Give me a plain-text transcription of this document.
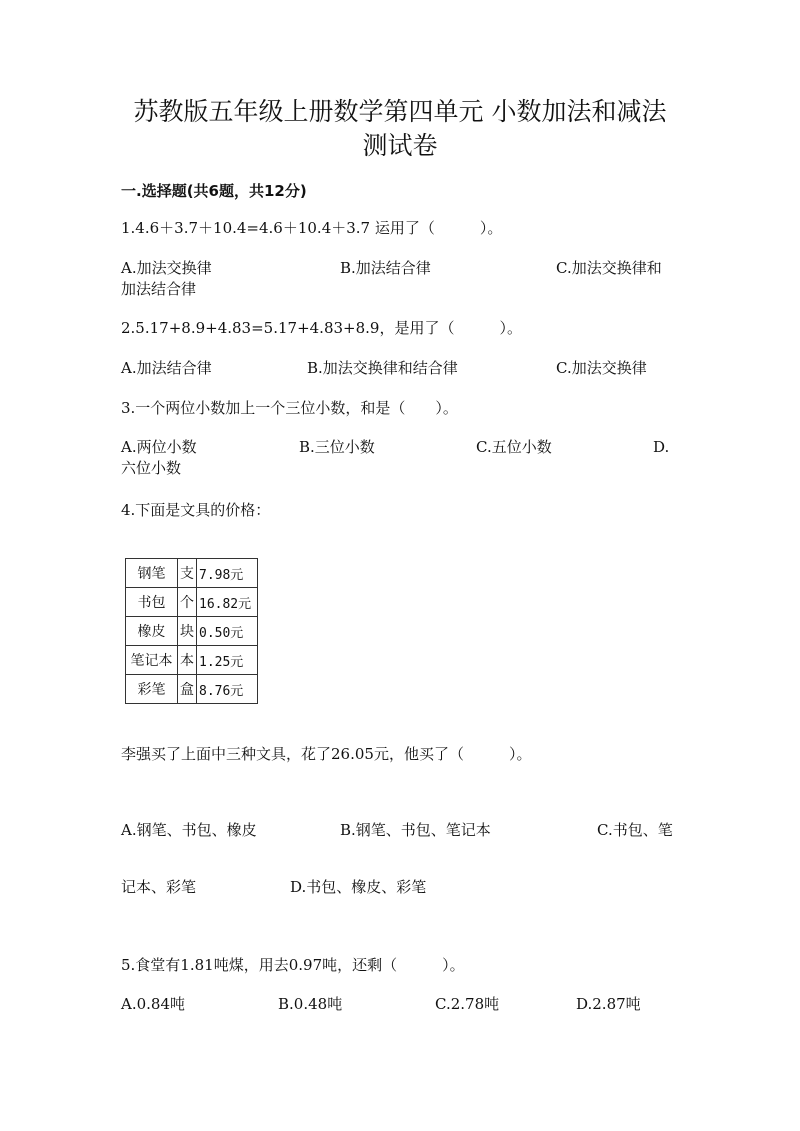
苏教版五年级上册数学第四单元 小数加法和减法
测试卷
一.选择题(共6题，共12分)
1.4.6＋3.7＋10.4=4.6＋10.4＋3.7 运用了（　　　）。
A.加法交换律	B.加法结合律	C.加法交换律和
加法结合律
2.5.17+8.9+4.83=5.17+4.83+8.9，是用了（　　　）。
A.加法结合律	B.加法交换律和结合律	C.加法交换律
3.一个两位小数加上一个三位小数，和是（　　）。
A.两位小数	B.三位小数	C.五位小数	D.
六位小数
4.下面是文具的价格：
钢笔	支	7.98元
书包	个	16.82元
橡皮	块	0.50元
笔记本	本	1.25元
彩笔	盒	8.76元
李强买了上面中三种文具，花了26.05元，他买了（　　　）。
A.钢笔、书包、橡皮	B.钢笔、书包、笔记本	C.书包、笔
记本、彩笔	D.书包、橡皮、彩笔
5.食堂有1.81吨煤，用去0.97吨，还剩（　　　）。
A.0.84吨	B.0.48吨	C.2.78吨	D.2.87吨
